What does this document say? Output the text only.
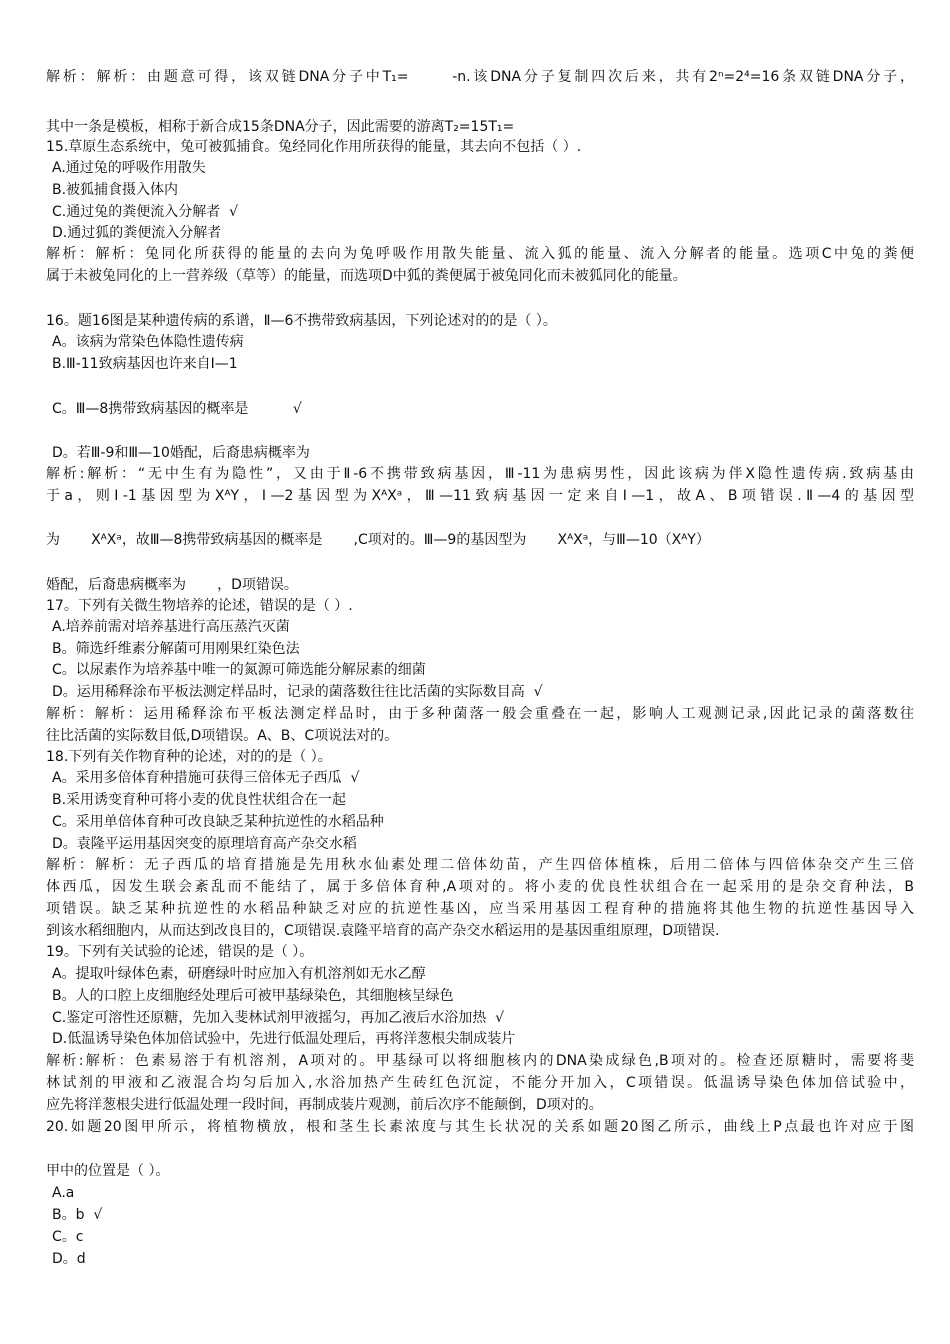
解析：解析：由题意可得，该双链DNA分子中T₁=      -n.该DNA分子复制四次后来，共有2ⁿ=2⁴=16条双链DNA分子，
其中一条是模板，相称于新合成15条DNA分子，因此需要的游离T₂=15T₁=
15.草原生态系统中，兔可被狐捕食。兔经同化作用所获得的能量，其去向不包括（ ）.
A.通过兔的呼吸作用散失
B.被狐捕食摄入体内
C.通过兔的粪便流入分解者  √
D.通过狐的粪便流入分解者
解析：解析：兔同化所获得的能量的去向为兔呼吸作用散失能量、流入狐的能量、流入分解者的能量。选项C中兔的粪便
属于未被兔同化的上一营养级（草等）的能量，而选项D中狐的粪便属于被兔同化而未被狐同化的能量。
16。题16图是某种遗传病的系谱，Ⅱ—6不携带致病基因，下列论述对的的是（ ）。
A。该病为常染色体隐性遗传病
B.Ⅲ-11致病基因也许来自Ⅰ—1
C。Ⅲ—8携带致病基因的概率是          √
D。若Ⅲ-9和Ⅲ—10婚配，后裔患病概率为
解析:解析：“无中生有为隐性”，又由于Ⅱ-6不携带致病基因，Ⅲ-11为患病男性，因此该病为伴X隐性遗传病.致病基由
于a，则Ⅰ-1基因型为XᴬY，Ⅰ—2基因型为XᴬXᵃ，Ⅲ—11致病基因一定来自Ⅰ—1，故A、B项错误.Ⅱ—4的基因型
为       XᴬXᵃ，故Ⅲ—8携带致病基因的概率是       ,C项对的。Ⅲ—9的基因型为       XᴬXᵃ，与Ⅲ—10（XᴬY）
婚配，后裔患病概率为       ，D项错误。
17。下列有关微生物培养的论述，错误的是（ ）.
A.培养前需对培养基进行高压蒸汽灭菌
B。筛选纤维素分解菌可用刚果红染色法
C。以尿素作为培养基中唯一的氮源可筛选能分解尿素的细菌
D。运用稀释涂布平板法测定样品时，记录的菌落数往往比活菌的实际数目高  √
解析：解析：运用稀释涂布平板法测定样品时，由于多种菌落一般会重叠在一起，影响人工观测记录,因此记录的菌落数往
往比活菌的实际数目低,D项错误。A、B、C项说法对的。
18.下列有关作物育种的论述，对的的是（ ）。
A。采用多倍体育种措施可获得三倍体无子西瓜  √
B.采用诱变育种可将小麦的优良性状组合在一起
C。采用单倍体育种可改良缺乏某种抗逆性的水稻品种
D。袁隆平运用基因突变的原理培育高产杂交水稻
解析：解析：无子西瓜的培育措施是先用秋水仙素处理二倍体幼苗，产生四倍体植株，后用二倍体与四倍体杂交产生三倍
体西瓜，因发生联会紊乱而不能结了，属于多倍体育种,A项对的。将小麦的优良性状组合在一起采用的是杂交育种法，B
项错误。缺乏某种抗逆性的水稻品种缺乏对应的抗逆性基凶，应当采用基因工程育种的措施将其他生物的抗逆性基因导入
到该水稻细胞内，从而达到改良目的，C项错误.袁隆平培育的高产杂交水稻运用的是基因重组原理，D项错误.
19。下列有关试验的论述，错误的是（ ）。
A。提取叶绿体色素，研磨绿叶时应加入有机溶剂如无水乙醇
B。人的口腔上皮细胞经处理后可被甲基绿染色，其细胞核呈绿色
C.鉴定可溶性还原糖，先加入斐林试剂甲液摇匀，再加乙液后水浴加热  √
D.低温诱导染色体加倍试验中，先进行低温处理后，再将洋葱根尖制成装片
解析:解析：色素易溶于有机溶剂，A项对的。甲基绿可以将细胞核内的DNA染成绿色,B项对的。检查还原糖时，需要将斐
林试剂的甲液和乙液混合均匀后加入,水浴加热产生砖红色沉淀，不能分开加入，C项错误。低温诱导染色体加倍试验中，
应先将洋葱根尖进行低温处理一段时间，再制成装片观测，前后次序不能颠倒，D项对的。
20.如题20图甲所示，将植物横放，根和茎生长素浓度与其生长状况的关系如题20图乙所示，曲线上P点最也许对应于图
甲中的位置是（ ）。
A.a
B。b  √
C。c
D。d
